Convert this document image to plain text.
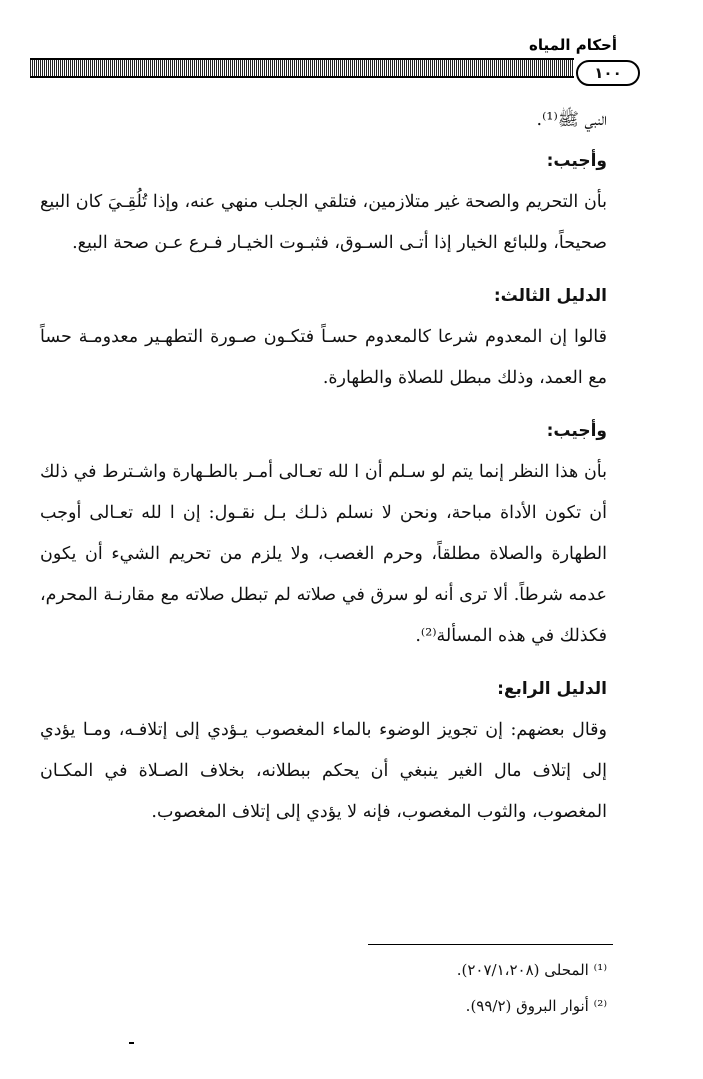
أحكام المياه
١٠٠

النبي ﷺ⁽¹⁾.

وأجيب:

بأن التحريم والصحة غير متلازمين، فتلقي الجلب منهي عنه، وإذا تُلُقِـيَ كان البيع صحيحاً، وللبائع الخيار إذا أتـى السـوق، فثبـوت الخيـار فـرع عـن صحة البيع.

الدليل الثالث:

قالوا إن المعدوم شرعا كالمعدوم حسـاً فتكـون صـورة التطهـير معدومـة حساً مع العمد، وذلك مبطل للصلاة والطهارة.

وأجيب:

بأن هذا النظر إنما يتم لو سـلم أن ا لله تعـالى أمـر بالطـهارة واشـترط في ذلك أن تكون الأداة مباحة، ونحن لا نسلم ذلـك بـل نقـول: إن ا لله تعـالى أوجب الطهارة والصلاة مطلقاً، وحرم الغصب، ولا يلزم من تحريم الشيء أن يكون عدمه شرطاً. ألا ترى أنه لو سرق في صلاته لم تبطل صلاته مع مقارنـة المحرم، فكذلك في هذه المسألة⁽²⁾.

الدليل الرابع:

وقال بعضهم: إن تجويز الوضوء بالماء المغصوب يـؤدي إلى إتلافـه، ومـا يؤدي إلى إتلاف مال الغير ينبغي أن يحكم ببطلانه، بخلاف الصـلاة في المكـان المغصوب، والثوب المغصوب، فإنه لا يؤدي إلى إتلاف المغصوب.

⁽¹⁾ المحلى (٢٠٧/١،٢٠٨).

⁽²⁾ أنوار البروق (٩٩/٢).
